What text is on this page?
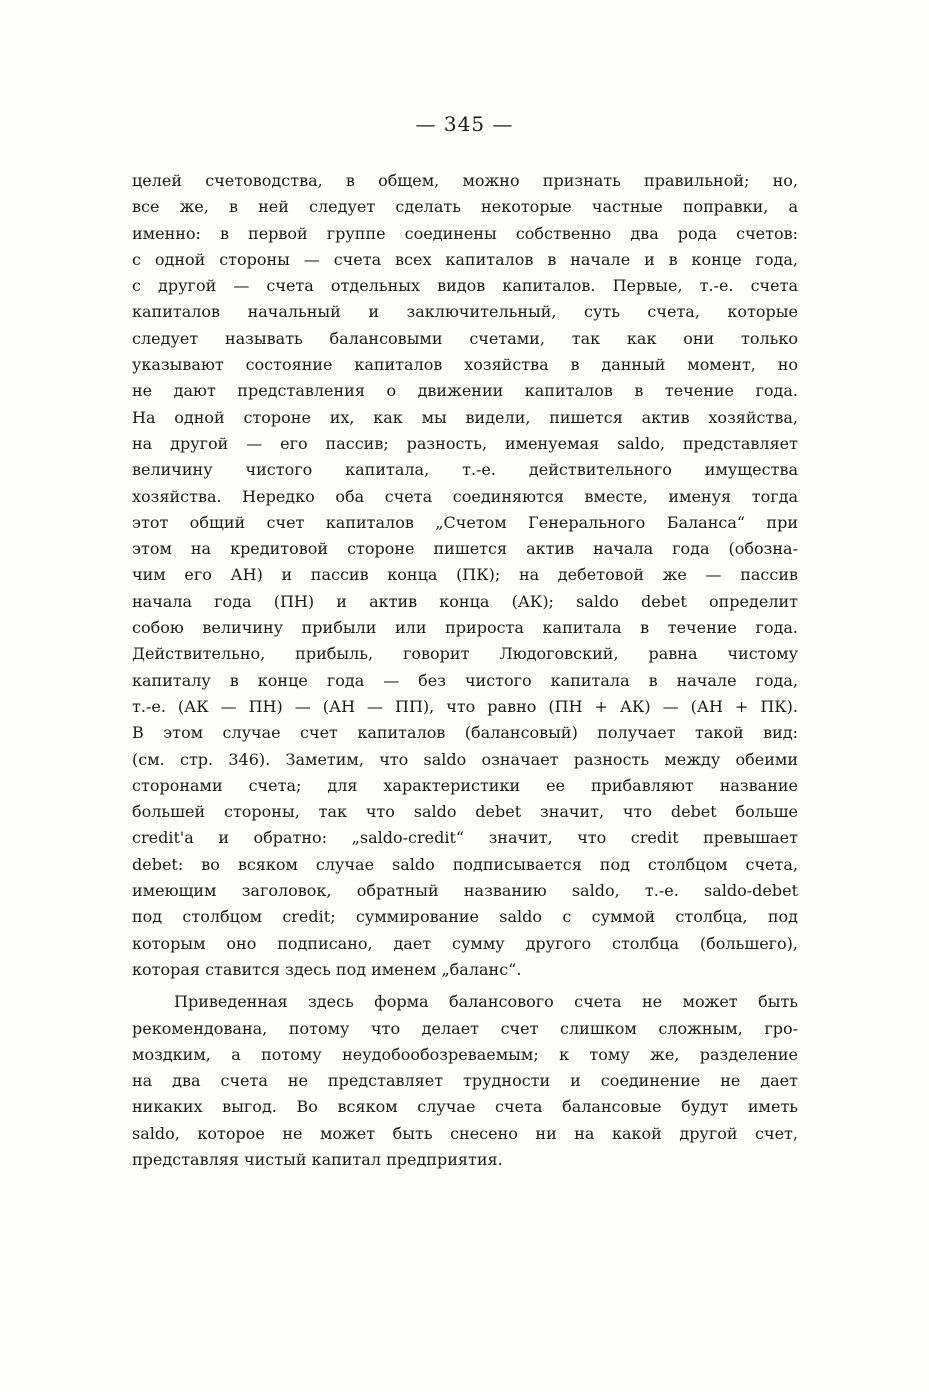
— 345 —
целей счетоводства, в общем, можно признать правильной; но,
все же, в ней следует сделать некоторые частные поправки, а
именно: в первой группе соединены собственно два рода счетов:
с одной стороны — счета всех капиталов в начале и в конце года,
с другой — счета отдельных видов капиталов. Первые, т.-е. счета
капиталов начальный и заключительный, суть счета, которые
следует называть балансовыми счетами, так как они только
указывают состояние капиталов хозяйства в данный момент, но
не дают представления о движении капиталов в течение года.
На одной стороне их, как мы видели, пишется актив хозяйства,
на другой — его пассив; разность, именуемая saldo, представляет
величину чистого капитала, т.-е. действительного имущества
хозяйства. Нередко оба счета соединяются вместе, именуя тогда
этот общий счет капиталов „Счетом Генерального Баланса“ при
этом на кредитовой стороне пишется актив начала года (обозна-
чим его АН) и пассив конца (ПК); на дебетовой же — пассив
начала года (ПН) и актив конца (АК); saldo debet определит
собою величину прибыли или прироста капитала в течение года.
Действительно, прибыль, говорит Людоговский, равна чистому
капиталу в конце года — без чистого капитала в начале года,
т.-е. (АК — ПН) — (АН — ПП), что равно (ПН + АК) — (АН + ПК).
В этом случае счет капиталов (балансовый) получает такой вид:
(см. стр. 346). Заметим, что saldo означает разность между обеими
сторонами счета; для характеристики ее прибавляют название
большей стороны, так что saldo debet значит, что debet больше
credit'a и обратно: „saldo-credit“ значит, что credit превышает
debet: во всяком случае saldo подписывается под столбцом счета,
имеющим заголовок, обратный названию saldo, т.-е. saldo-debet
под столбцом credit; суммирование saldo с суммой столбца, под
которым оно подписано, дает сумму другого столбца (большего),
которая ставится здесь под именем „баланс“.
Приведенная здесь форма балансового счета не может быть
рекомендована, потому что делает счет слишком сложным, гро-
моздким, а потому неудобообозреваемым; к тому же, разделение
на два счета не представляет трудности и соединение не дает
никаких выгод. Во всяком случае счета балансовые будут иметь
saldo, которое не может быть снесено ни на какой другой счет,
представляя чистый капитал предприятия.
